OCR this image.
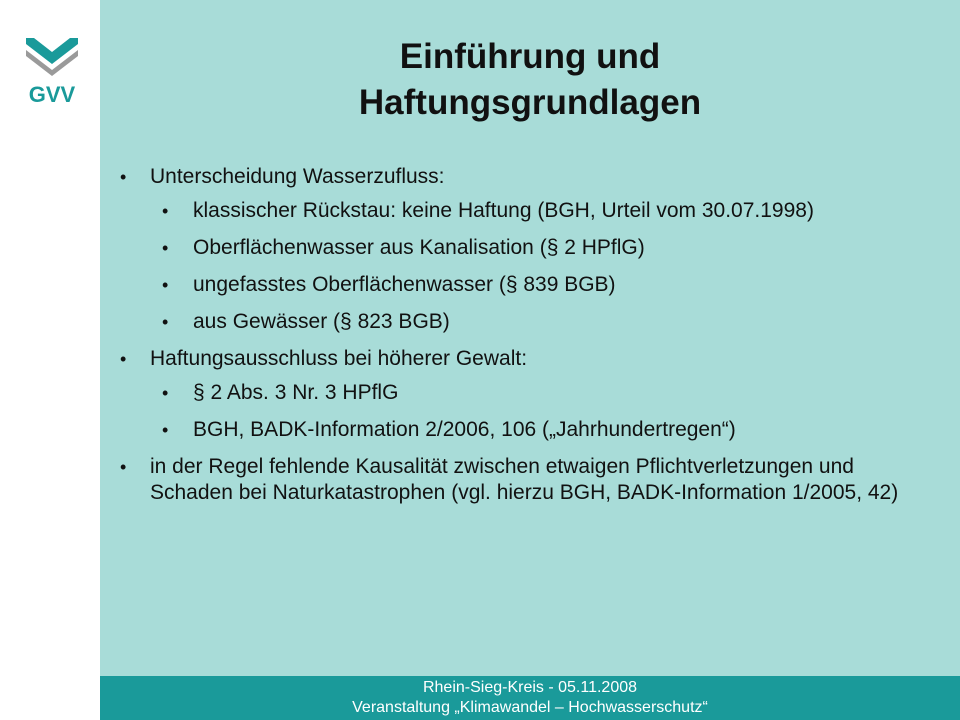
GVV
Einführung und
Haftungsgrundlagen
• Unterscheidung Wasserzufluss:
• klassischer Rückstau: keine Haftung (BGH, Urteil vom 30.07.1998)
• Oberflächenwasser aus Kanalisation (§ 2 HPflG)
• ungefasstes Oberflächenwasser (§ 839 BGB)
• aus Gewässer (§ 823 BGB)
• Haftungsausschluss bei höherer Gewalt:
• § 2 Abs. 3 Nr. 3 HPflG
• BGH, BADK-Information 2/2006, 106 („Jahrhundertregen“)
• in der Regel fehlende Kausalität zwischen etwaigen Pflichtverletzungen und Schaden bei Naturkatastrophen (vgl. hierzu BGH, BADK-Information 1/2005, 42)
Rhein-Sieg-Kreis - 05.11.2008
Veranstaltung „Klimawandel – Hochwasserschutz“
